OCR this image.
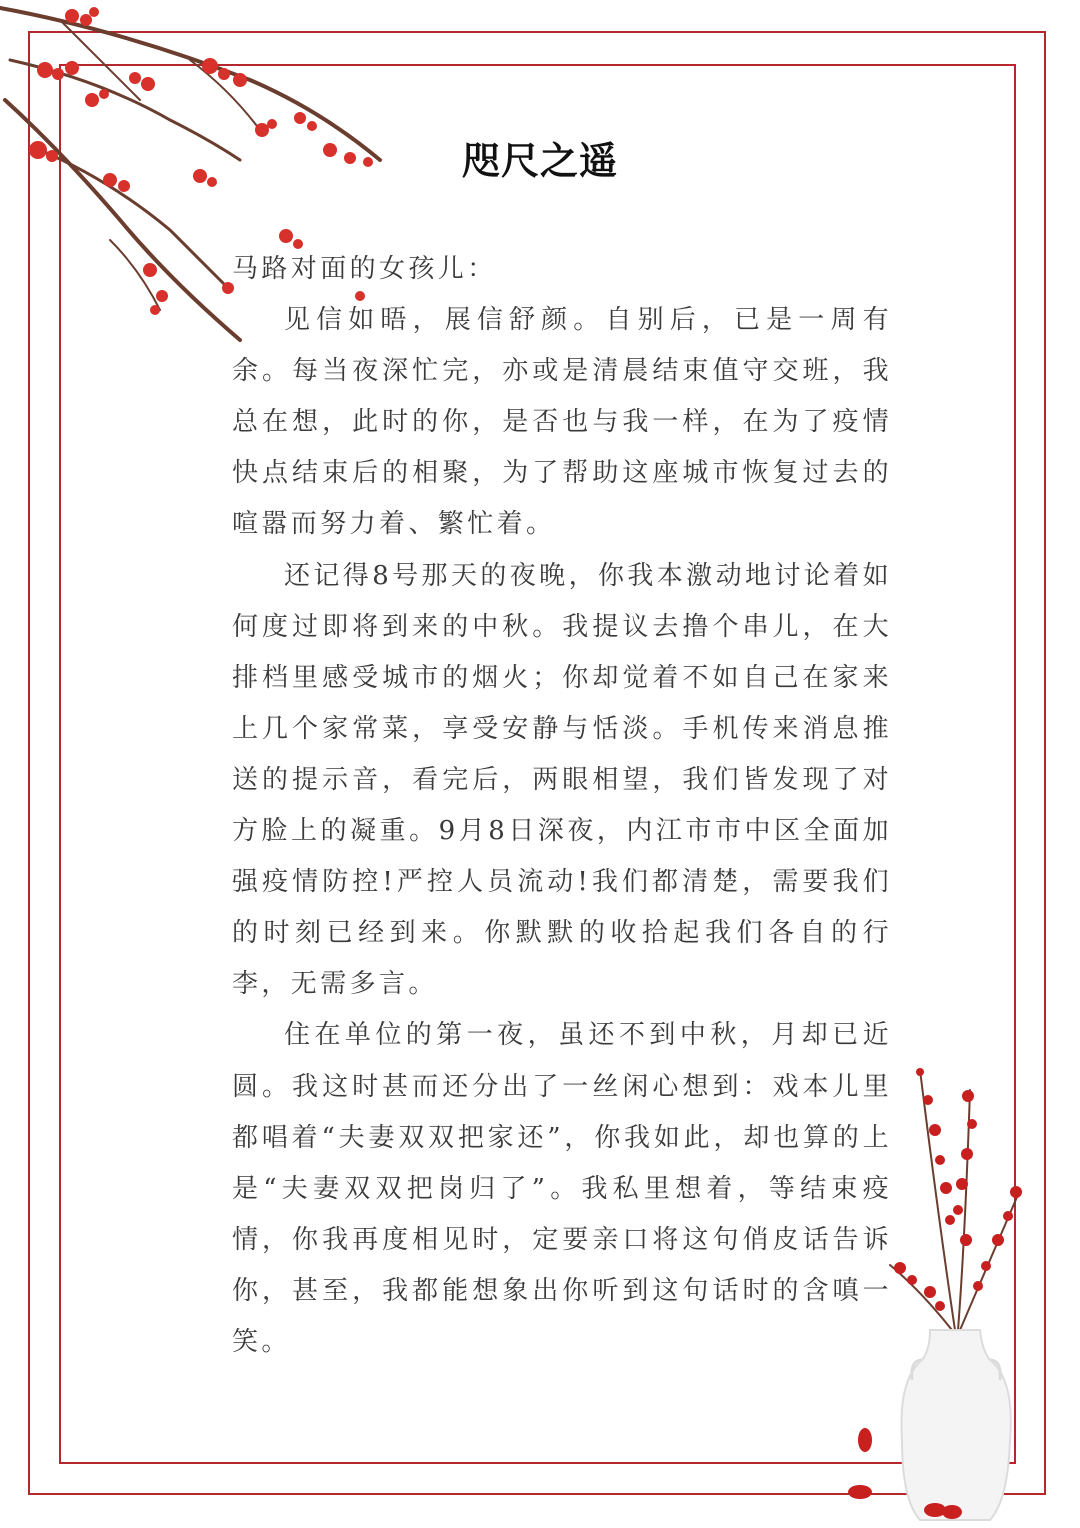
咫尺之遥

马路对面的女孩儿：

见信如晤，展信舒颜。自别后，已是一周有余。每当夜深忙完，亦或是清晨结束值守交班，我总在想，此时的你，是否也与我一样，在为了疫情快点结束后的相聚，为了帮助这座城市恢复过去的喧嚣而努力着、繁忙着。

还记得8号那天的夜晚，你我本激动地讨论着如何度过即将到来的中秋。我提议去撸个串儿，在大排档里感受城市的烟火；你却觉着不如自己在家来上几个家常菜，享受安静与恬淡。手机传来消息推送的提示音，看完后，两眼相望，我们皆发现了对方脸上的凝重。9月8日深夜，内江市市中区全面加强疫情防控!严控人员流动!我们都清楚，需要我们的时刻已经到来。你默默的收拾起我们各自的行李，无需多言。

住在单位的第一夜，虽还不到中秋，月却已近圆。我这时甚而还分出了一丝闲心想到：戏本儿里都唱着“夫妻双双把家还”，你我如此，却也算的上是“夫妻双双把岗归了”。我私里想着，等结束疫情，你我再度相见时，定要亲口将这句俏皮话告诉你，甚至，我都能想象出你听到这句话时的含嗔一笑。
